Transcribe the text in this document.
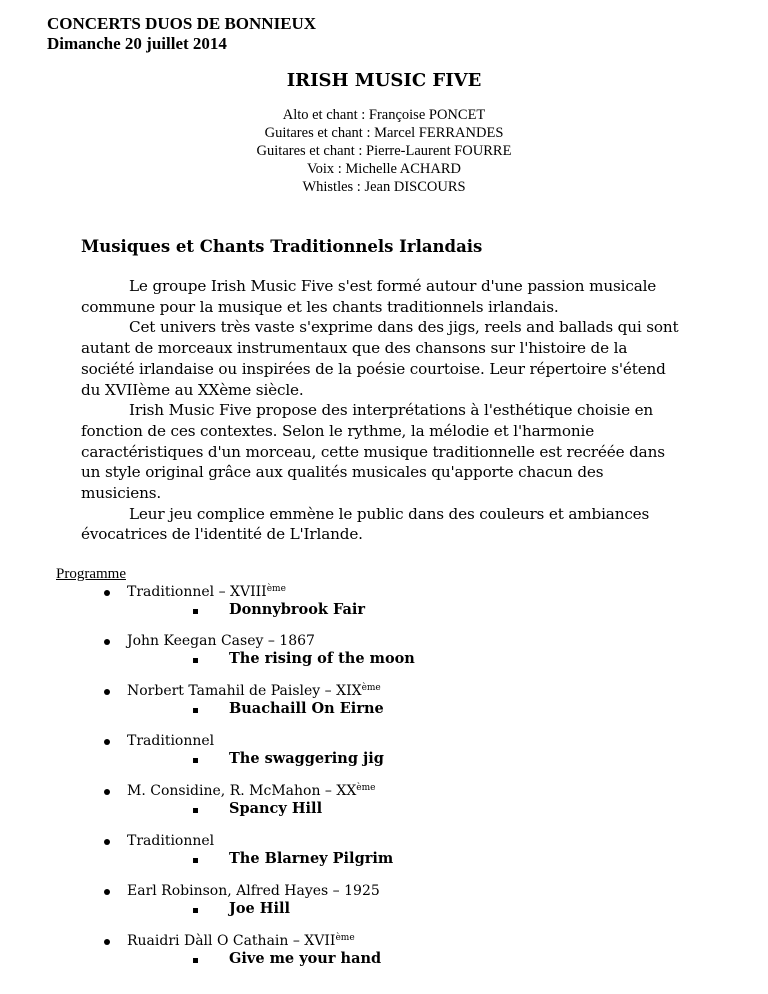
CONCERTS DUOS DE BONNIEUX
Dimanche 20 juillet 2014
IRISH MUSIC FIVE
Alto et chant : Françoise PONCET
Guitares et chant : Marcel FERRANDES
Guitares et chant : Pierre-Laurent FOURRE
Voix : Michelle ACHARD
Whistles : Jean DISCOURS
Musiques et Chants Traditionnels Irlandais

Le groupe Irish Music Five s'est formé autour d'une passion musicale commune pour la musique et les chants traditionnels irlandais.

Cet univers très vaste s'exprime dans des jigs, reels and ballads qui sont autant de morceaux instrumentaux que des chansons sur l'histoire de la société irlandaise ou inspirées de la poésie courtoise. Leur répertoire s'étend du XVIIème au XXème siècle.

Irish Music Five propose des interprétations à l'esthétique choisie en fonction de ces contextes. Selon le rythme, la mélodie et l'harmonie caractéristiques d'un morceau, cette musique traditionnelle est recréée dans un style original grâce aux qualités musicales qu'apporte chacun des musiciens.

Leur jeu complice emmène le public dans des couleurs et ambiances évocatrices de l'identité de L'Irlande.

Programme
Traditionnel – XVIIIème
Donnybrook Fair
John Keegan Casey – 1867
The rising of the moon
Norbert Tamahil de Paisley – XIXème
Buachaill On Eirne
Traditionnel
The swaggering jig
M. Considine, R. McMahon – XXème
Spancy Hill
Traditionnel
The Blarney Pilgrim
Earl Robinson, Alfred Hayes – 1925
Joe Hill
Ruaidri Dàll O Cathain – XVIIème
Give me your hand
